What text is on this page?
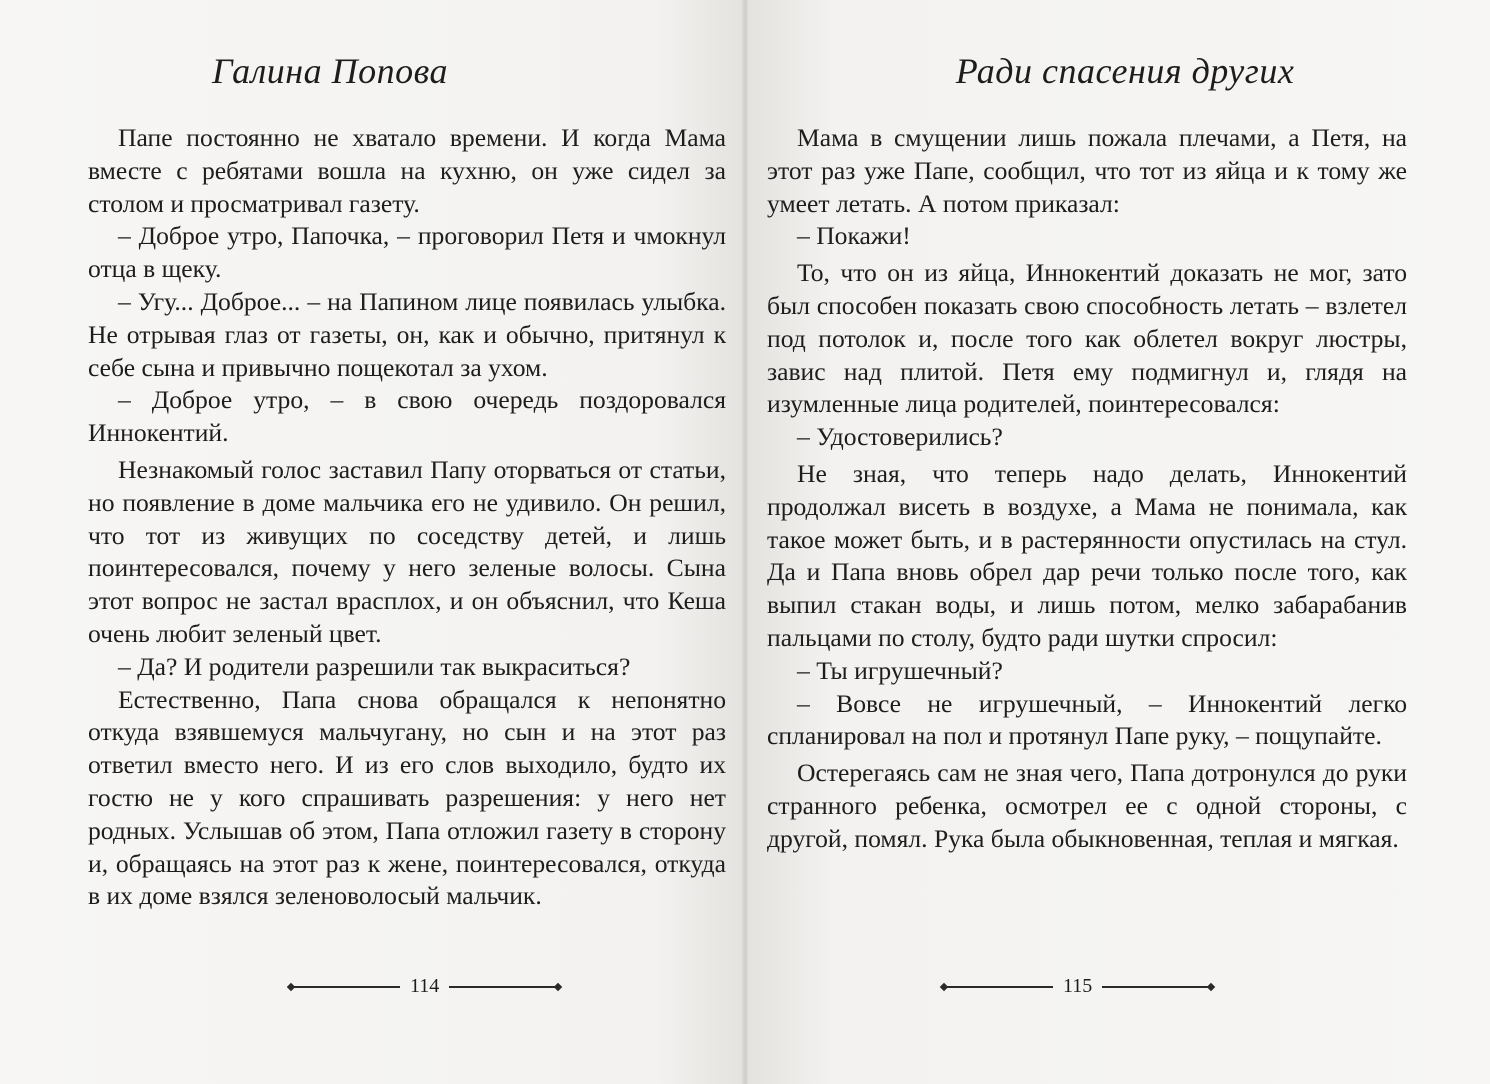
Галина Попова

Папе постоянно не хватало времени. И когда Мама вместе с ребятами вошла на кухню, он уже сидел за столом и просматривал газету.

– Доброе утро, Папочка, – проговорил Петя и чмокнул отца в щеку.

– Угу... Доброе... – на Папином лице появилась улыбка. Не отрывая глаз от газеты, он, как и обычно, притянул к себе сына и привычно пощекотал за ухом.

– Доброе утро, – в свою очередь поздоровался Иннокентий.

Незнакомый голос заставил Папу оторваться от статьи, но появление в доме мальчика его не удивило. Он решил, что тот из живущих по соседству детей, и лишь поинтересовался, почему у него зеленые волосы. Сына этот вопрос не застал врасплох, и он объяснил, что Кеша очень любит зеленый цвет.

– Да? И родители разрешили так выкраситься?

Естественно, Папа снова обращался к непонятно откуда взявшемуся мальчугану, но сын и на этот раз ответил вместо него. И из его слов выходило, будто их гостю не у кого спрашивать разрешения: у него нет родных. Услышав об этом, Папа отложил газету в сторону и, обращаясь на этот раз к жене, поинтересовался, откуда в их доме взялся зеленоволосый мальчик.

114
Ради спасения других

Мама в смущении лишь пожала плечами, а Петя, на этот раз уже Папе, сообщил, что тот из яйца и к тому же умеет летать. А потом приказал:

– Покажи!

То, что он из яйца, Иннокентий доказать не мог, зато был способен показать свою способность летать – взлетел под потолок и, после того как облетел вокруг люстры, завис над плитой. Петя ему подмигнул и, глядя на изумленные лица родителей, поинтересовался:

– Удостоверились?

Не зная, что теперь надо делать, Иннокентий продолжал висеть в воздухе, а Мама не понимала, как такое может быть, и в растерянности опустилась на стул. Да и Папа вновь обрел дар речи только после того, как выпил стакан воды, и лишь потом, мелко забарабанив пальцами по столу, будто ради шутки спросил:

– Ты игрушечный?

– Вовсе не игрушечный, – Иннокентий легко спланировал на пол и протянул Папе руку, – пощупайте.

Остерегаясь сам не зная чего, Папа дотронулся до руки странного ребенка, осмотрел ее с одной стороны, с другой, помял. Рука была обыкновенная, теплая и мягкая.

115
